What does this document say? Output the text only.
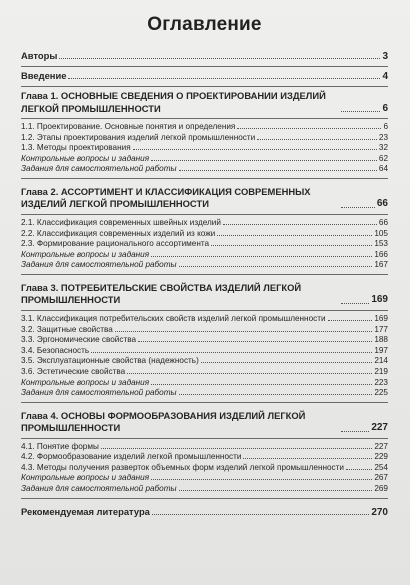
Оглавление
Авторы	3
Введение	4
Глава 1. ОСНОВНЫЕ СВЕДЕНИЯ О ПРОЕКТИРОВАНИИ ИЗДЕЛИЙ ЛЕГКОЙ ПРОМЫШЛЕННОСТИ	6
1.1. Проектирование. Основные понятия и определения	6
1.2. Этапы проектирования изделий легкой промышленности	23
1.3. Методы проектирования	32
Контрольные вопросы и задания	62
Задания для самостоятельной работы	64
Глава 2. АССОРТИМЕНТ И КЛАССИФИКАЦИЯ СОВРЕМЕННЫХ ИЗДЕЛИЙ ЛЕГКОЙ ПРОМЫШЛЕННОСТИ	66
2.1. Классификация современных швейных изделий	66
2.2. Классификация современных изделий из кожи	105
2.3. Формирование рационального ассортимента	153
Контрольные вопросы и задания	166
Задания для самостоятельной работы	167
Глава 3. ПОТРЕБИТЕЛЬСКИЕ СВОЙСТВА ИЗДЕЛИЙ ЛЕГКОЙ ПРОМЫШЛЕННОСТИ	169
3.1. Классификация потребительских свойств изделий легкой промышленности	169
3.2. Защитные свойства	177
3.3. Эргономические свойства	188
3.4. Безопасность	197
3.5. Эксплуатационные свойства (надежность)	214
3.6. Эстетические свойства	219
Контрольные вопросы и задания	223
Задания для самостоятельной работы	225
Глава 4. ОСНОВЫ ФОРМООБРАЗОВАНИЯ ИЗДЕЛИЙ ЛЕГКОЙ ПРОМЫШЛЕННОСТИ	227
4.1. Понятие формы	227
4.2. Формообразование изделий легкой промышленности	229
4.3. Методы получения разверток объемных форм изделий легкой промышленности	254
Контрольные вопросы и задания	267
Задания для самостоятельной работы	269
Рекомендуемая литература	270
